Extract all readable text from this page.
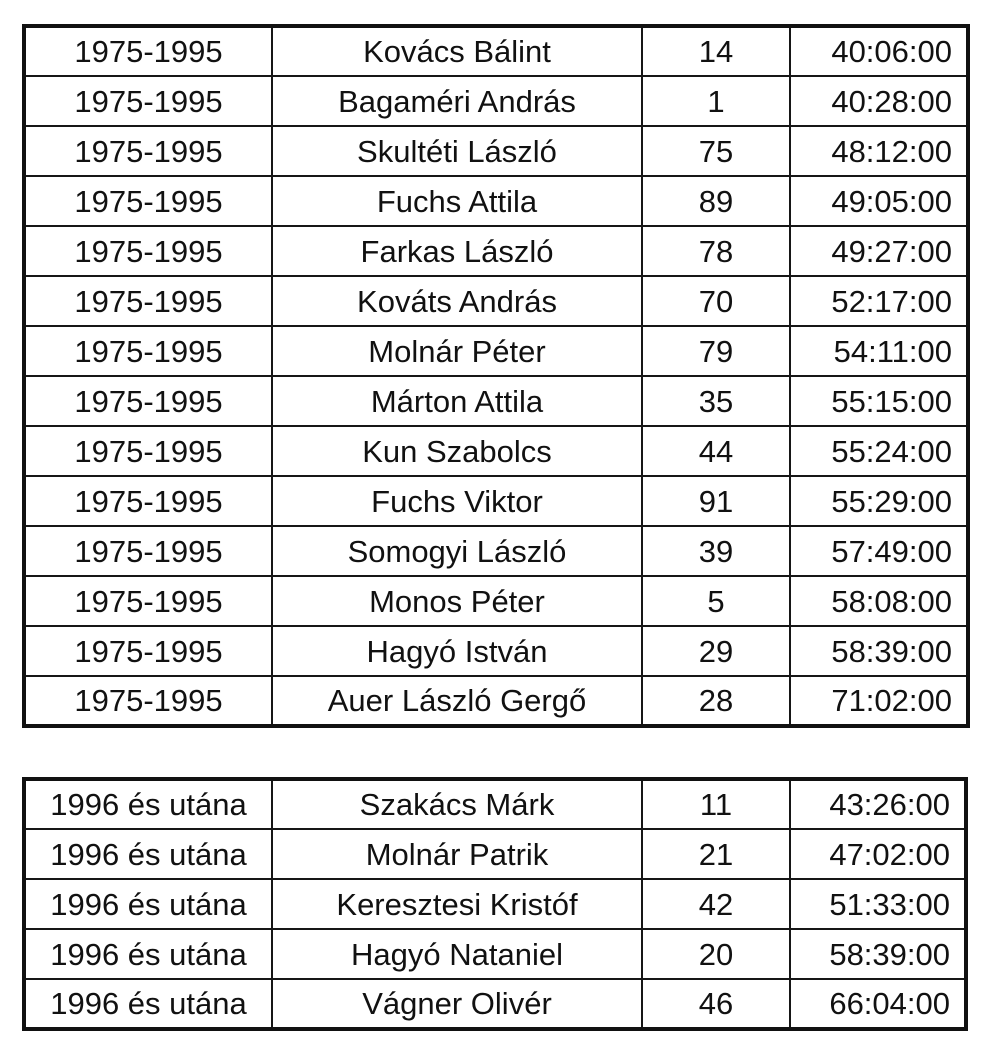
1975-1995	Kovács Bálint	14	40:06:00
1975-1995	Bagaméri András	1	40:28:00
1975-1995	Skultéti László	75	48:12:00
1975-1995	Fuchs Attila	89	49:05:00
1975-1995	Farkas László	78	49:27:00
1975-1995	Kováts András	70	52:17:00
1975-1995	Molnár Péter	79	54:11:00
1975-1995	Márton Attila	35	55:15:00
1975-1995	Kun Szabolcs	44	55:24:00
1975-1995	Fuchs Viktor	91	55:29:00
1975-1995	Somogyi László	39	57:49:00
1975-1995	Monos Péter	5	58:08:00
1975-1995	Hagyó István	29	58:39:00
1975-1995	Auer László Gergő	28	71:02:00
1996 és utána	Szakács Márk	11	43:26:00
1996 és utána	Molnár Patrik	21	47:02:00
1996 és utána	Keresztesi Kristóf	42	51:33:00
1996 és utána	Hagyó Nataniel	20	58:39:00
1996 és utána	Vágner Olivér	46	66:04:00
